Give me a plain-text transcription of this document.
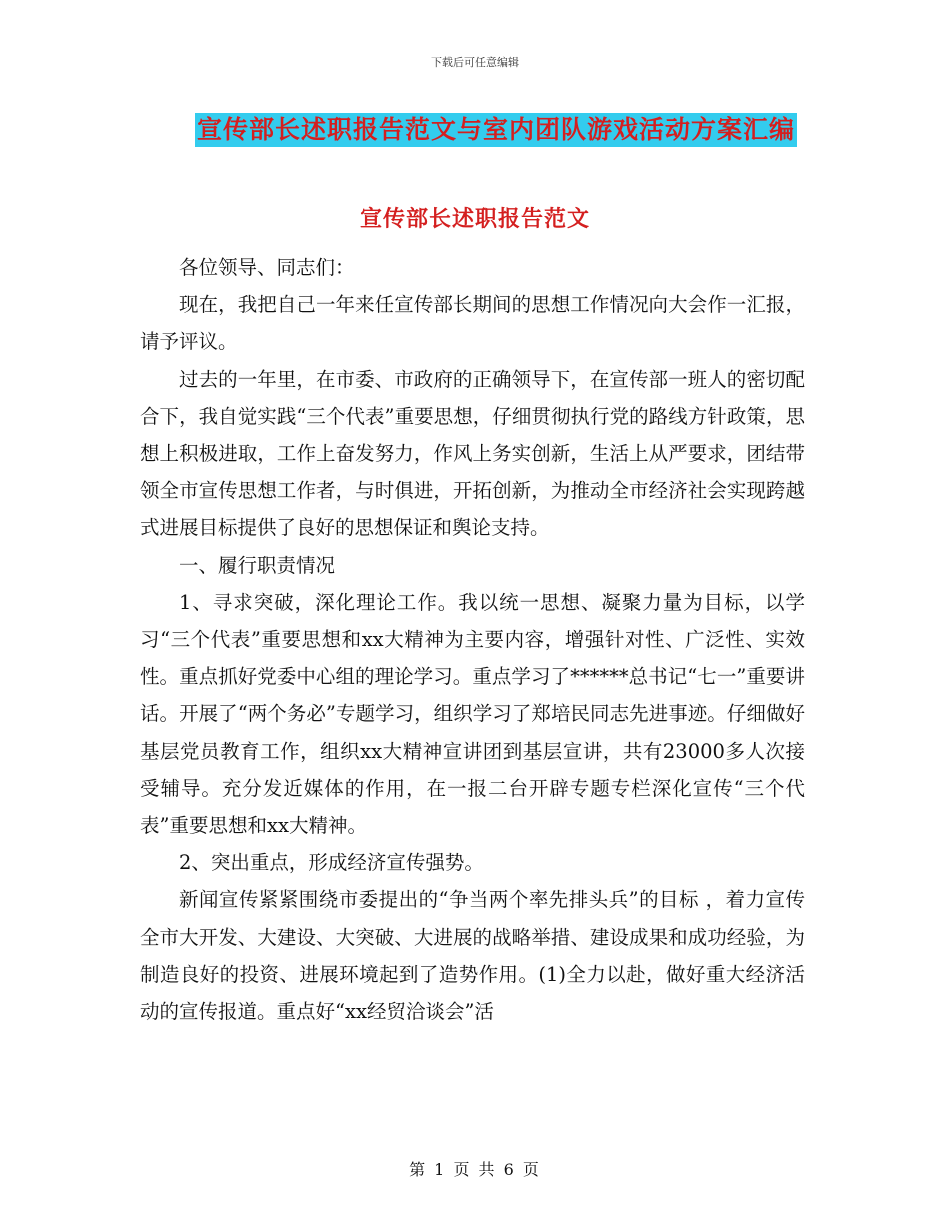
下载后可任意编辑
宣传部长述职报告范文与室内团队游戏活动方案汇编
宣传部长述职报告范文

各位领导、同志们：

现在，我把自己一年来任宣传部长期间的思想工作情况向大会作一汇报，请予评议。

过去的一年里，在市委、市政府的正确领导下，在宣传部一班人的密切配合下，我自觉实践“三个代表”重要思想，仔细贯彻执行党的路线方针政策，思想上积极进取，工作上奋发努力，作风上务实创新，生活上从严要求，团结带领全市宣传思想工作者，与时俱进，开拓创新，为推动全市经济社会实现跨越式进展目标提供了良好的思想保证和舆论支持。

一、履行职责情况

1、寻求突破，深化理论工作。我以统一思想、凝聚力量为目标，以学习“三个代表”重要思想和xx大精神为主要内容，增强针对性、广泛性、实效性。重点抓好党委中心组的理论学习。重点学习了******总书记“七一”重要讲话。开展了“两个务必”专题学习，组织学习了郑培民同志先进事迹。仔细做好基层党员教育工作，组织xx大精神宣讲团到基层宣讲，共有23000多人次接受辅导。充分发近媒体的作用，在一报二台开辟专题专栏深化宣传“三个代表”重要思想和xx大精神。

2、突出重点，形成经济宣传强势。

新闻宣传紧紧围绕市委提出的“争当两个率先排头兵”的目标 ，着力宣传全市大开发、大建设、大突破、大进展的战略举措、建设成果和成功经验，为制造良好的投资、进展环境起到了造势作用。(1)全力以赴，做好重大经济活动的宣传报道。重点好“xx经贸洽谈会”活

第 1 页 共 6 页
